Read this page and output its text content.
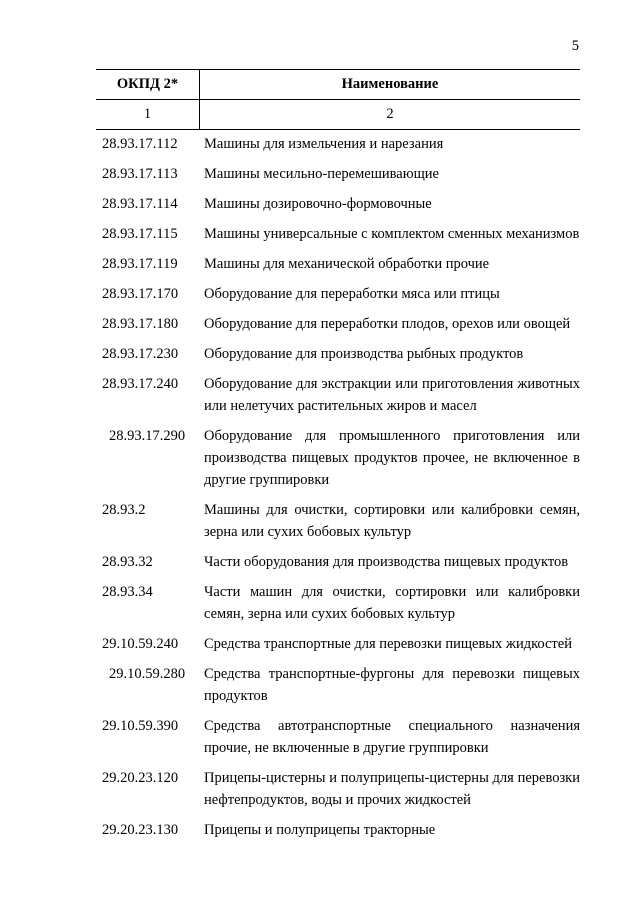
5
ОКПД 2*	Наименование
1	2
28.93.17.112	Машины для измельчения и нарезания
28.93.17.113	Машины месильно-перемешивающие
28.93.17.114	Машины дозировочно-формовочные
28.93.17.115	Машины универсальные с комплектом сменных механизмов
28.93.17.119	Машины для механической обработки прочие
28.93.17.170	Оборудование для переработки мяса или птицы
28.93.17.180	Оборудование для переработки плодов, орехов или овощей
28.93.17.230	Оборудование для производства рыбных продуктов
28.93.17.240	Оборудование для экстракции или приготовления животных или нелетучих растительных жиров и масел
28.93.17.290	Оборудование для промышленного приготовления или производства пищевых продуктов прочее, не включенное в другие группировки
28.93.2	Машины для очистки, сортировки или калибровки семян, зерна или сухих бобовых культур
28.93.32	Части оборудования для производства пищевых продуктов
28.93.34	Части машин для очистки, сортировки или калибровки семян, зерна или сухих бобовых культур
29.10.59.240	Средства транспортные для перевозки пищевых жидкостей
29.10.59.280	Средства транспортные-фургоны для перевозки пищевых продуктов
29.10.59.390	Средства автотранспортные специального назначения прочие, не включенные в другие группировки
29.20.23.120	Прицепы-цистерны и полуприцепы-цистерны для перевозки нефтепродуктов, воды и прочих жидкостей
29.20.23.130	Прицепы и полуприцепы тракторные
